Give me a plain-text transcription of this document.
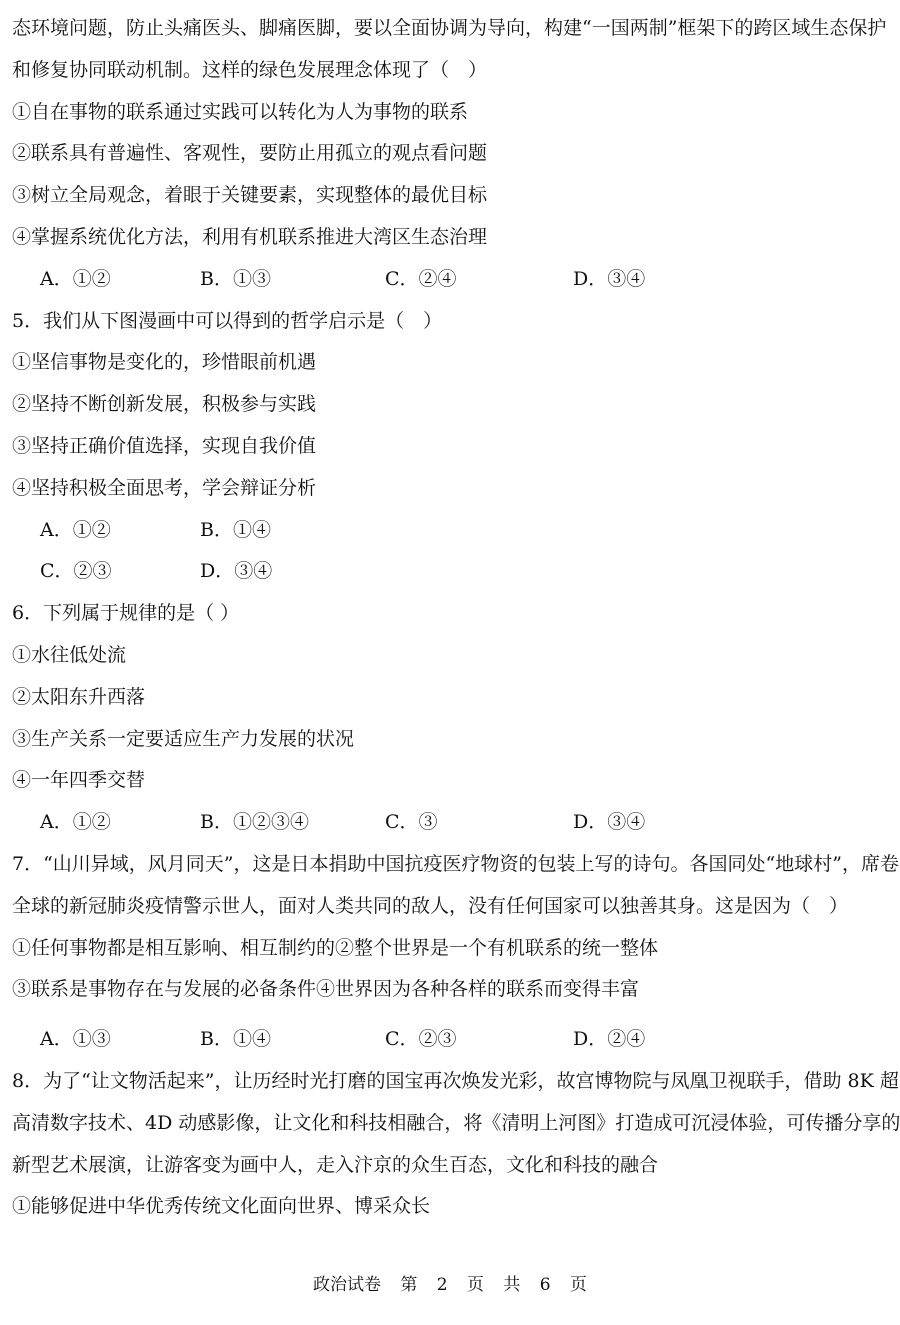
态环境问题，防止头痛医头、脚痛医脚，要以全面协调为导向，构建“一国两制”框架下的跨区域生态保护
和修复协同联动机制。这样的绿色发展理念体现了（　）
①自在事物的联系通过实践可以转化为人为事物的联系
②联系具有普遍性、客观性，要防止用孤立的观点看问题
③树立全局观念，着眼于关键要素，实现整体的最优目标
④掌握系统优化方法，利用有机联系推进大湾区生态治理
A．①②	B．①③	C．②④	D．③④
5．我们从下图漫画中可以得到的哲学启示是（　）
①坚信事物是变化的，珍惜眼前机遇
②坚持不断创新发展，积极参与实践
③坚持正确价值选择，实现自我价值
④坚持积极全面思考，学会辩证分析
A．①②	B．①④
C．②③	D．③④
6．下列属于规律的是（ ）
①水往低处流
②太阳东升西落
③生产关系一定要适应生产力发展的状况
④一年四季交替
A．①②	B．①②③④	C．③	D．③④
7．“山川异域，风月同天”，这是日本捐助中国抗疫医疗物资的包装上写的诗句。各国同处“地球村”，席卷
全球的新冠肺炎疫情警示世人，面对人类共同的敌人，没有任何国家可以独善其身。这是因为（　）
①任何事物都是相互影响、相互制约的②整个世界是一个有机联系的统一整体
③联系是事物存在与发展的必备条件④世界因为各种各样的联系而变得丰富
A．①③	B．①④	C．②③	D．②④
8．为了“让文物活起来”，让历经时光打磨的国宝再次焕发光彩，故宫博物院与凤凰卫视联手，借助 8K 超
高清数字技术、4D 动感影像，让文化和科技相融合，将《清明上河图》打造成可沉浸体验，可传播分享的
新型艺术展演，让游客变为画中人，走入汴京的众生百态，文化和科技的融合
①能够促进中华优秀传统文化面向世界、博采众长
政治试卷 第 2 页 共 6 页
